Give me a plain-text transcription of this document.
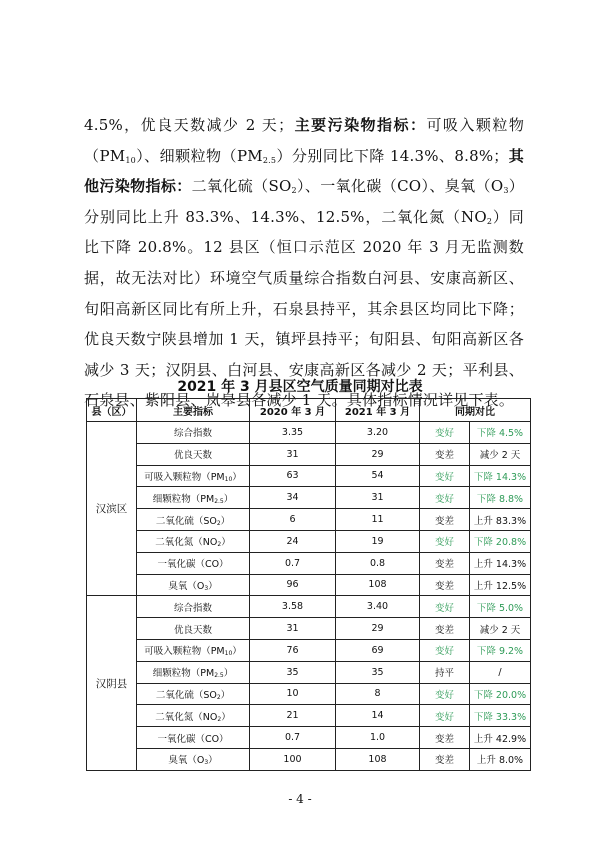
4.5%，优良天数减少 2 天；主要污染物指标：可吸入颗粒物$(PM_{10})$、细颗粒物$(PM_{2.5})$分别同比下降 14.3%、8.8%；其他污染物指标：二氧化硫$(SO_2)$、一氧化碳（CO）、臭氧$(O_3)$分别同比上升 83.3%、14.3%、12.5%，二氧化氮$(NO_2)$同比下降 20.8%。12 县区（恒口示范区 2020 年 3 月无监测数据，故无法对比）环境空气质量综合指数白河县、安康高新区、旬阳高新区同比有所上升，石泉县持平，其余县区均同比下降；优良天数宁陕县增加 1 天，镇坪县持平；旬阳县、旬阳高新区各减少 3 天；汉阴县、白河县、安康高新区各减少 2 天；平利县、石泉县、紫阳县、岚皋县各减少 1 天。具体指标情况详见下表。
2021 年 3 月县区空气质量同期对比表
县（区）	主要指标	2020 年 3 月	2021 年 3 月	同期对比	
汉滨区	综合指数	3.35	3.20	变好	下降 4.5%
	优良天数	31	29	变差	减少 2 天
	可吸入颗粒物$(PM_{10})$	63	54	变好	下降 14.3%
	细颗粒物$(PM_{2.5})$	34	31	变好	下降 8.8%
	二氧化硫$(SO_2)$	6	11	变差	上升 83.3%
	二氧化氮$(NO_2)$	24	19	变好	下降 20.8%
	一氧化碳（CO）	0.7	0.8	变差	上升 14.3%
	臭氧$(O_3)$	96	108	变差	上升 12.5%
汉阴县	综合指数	3.58	3.40	变好	下降 5.0%
	优良天数	31	29	变差	减少 2 天
	可吸入颗粒物$(PM_{10})$	76	69	变好	下降 9.2%
	细颗粒物$(PM_{2.5})$	35	35	持平	/
	二氧化硫$(SO_2)$	10	8	变好	下降 20.0%
	二氧化氮$(NO_2)$	21	14	变好	下降 33.3%
	一氧化碳（CO）	0.7	1.0	变差	上升 42.9%
	臭氧$(O_3)$	100	108	变差	上升 8.0%
- 4 -
